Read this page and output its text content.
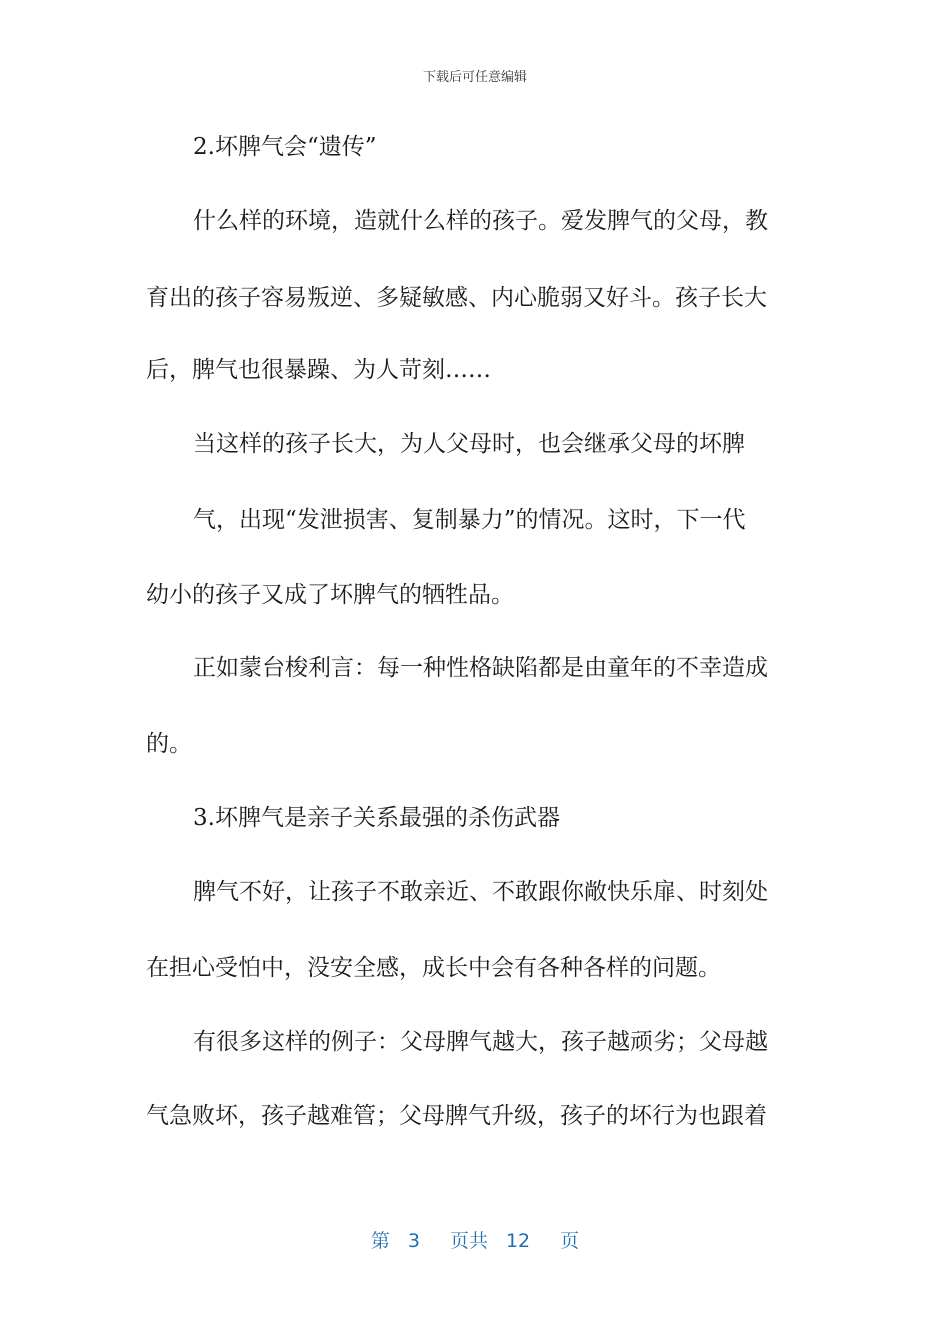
下载后可任意编辑
2.坏脾气会“遗传”
什么样的环境，造就什么样的孩子。爱发脾气的父母，教
育出的孩子容易叛逆、多疑敏感、内心脆弱又好斗。孩子长大
后，脾气也很暴躁、为人苛刻……
当这样的孩子长大，为人父母时，也会继承父母的坏脾
气，出现“发泄损害、复制暴力”的情况。这时，下一代
幼小的孩子又成了坏脾气的牺牲品。
正如蒙台梭利言：每一种性格缺陷都是由童年的不幸造成
的。
3.坏脾气是亲子关系最强的杀伤武器
脾气不好，让孩子不敢亲近、不敢跟你敞快乐扉、时刻处
在担心受怕中，没安全感，成长中会有各种各样的问题。
有很多这样的例子：父母脾气越大，孩子越顽劣；父母越
气急败坏，孩子越难管；父母脾气升级，孩子的坏行为也跟着
第 3 页共 12 页
